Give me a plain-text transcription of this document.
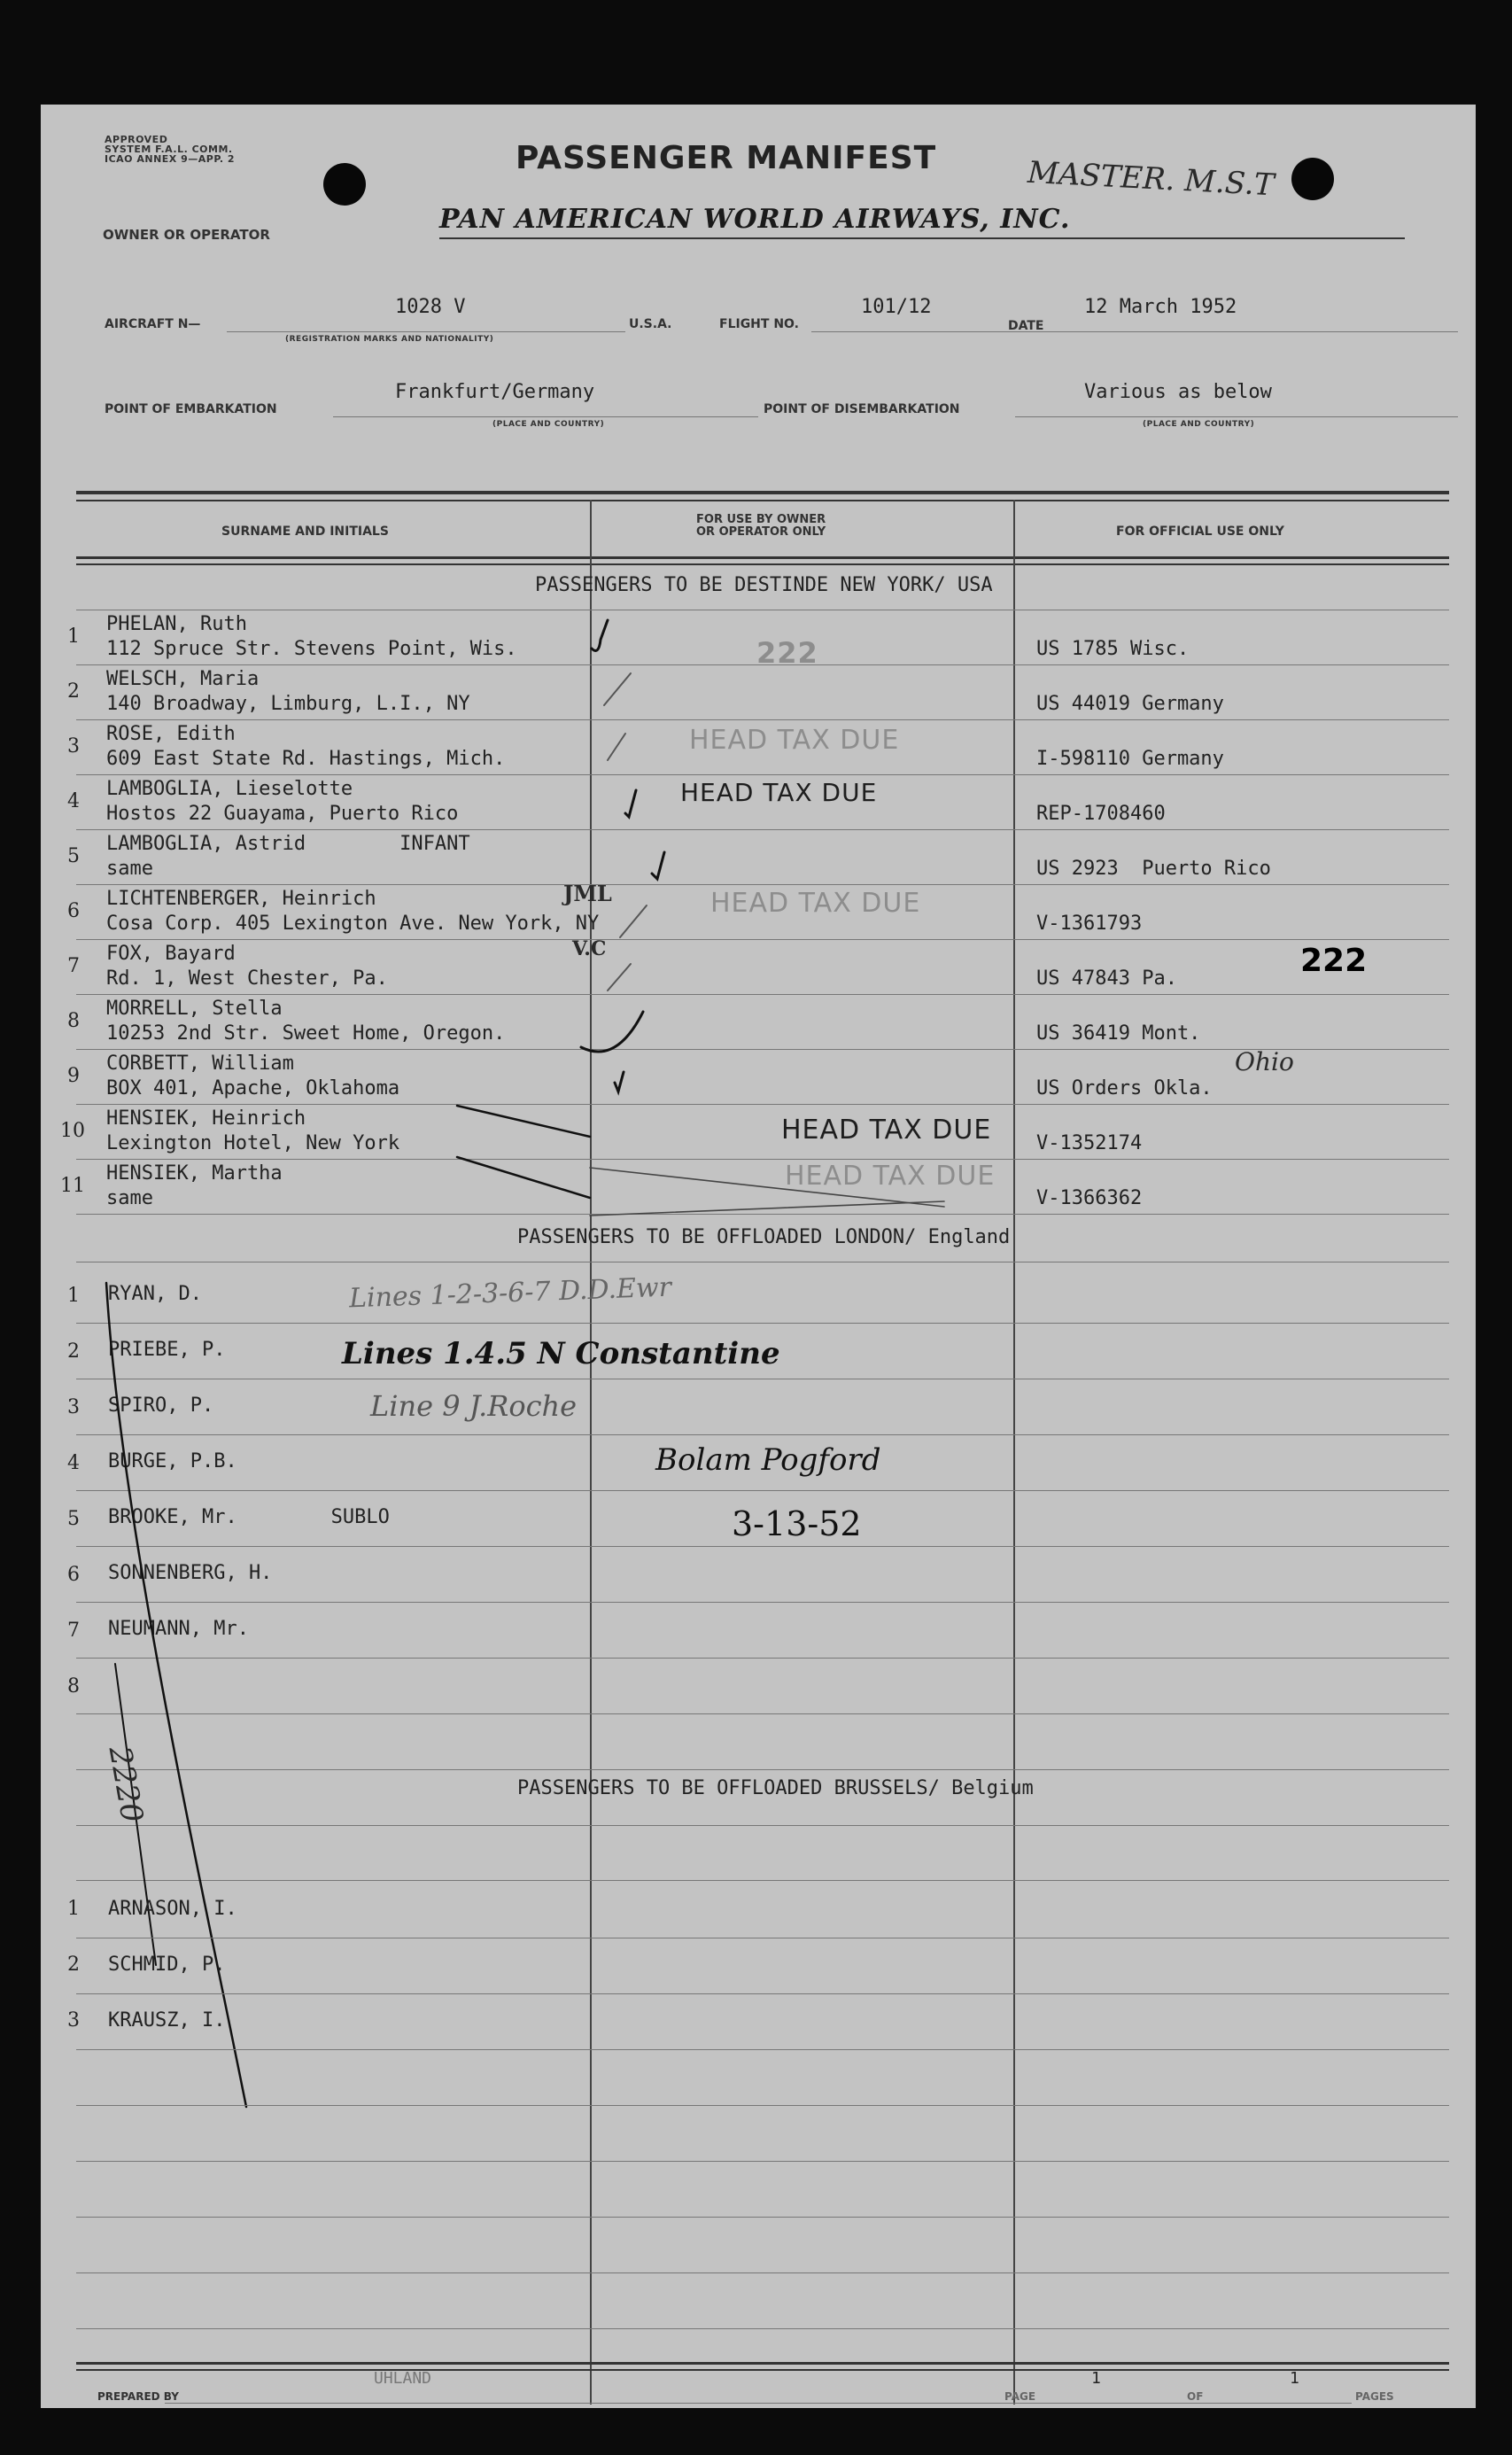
APPROVED
SYSTEM F.A.L. COMM.
ICAO ANNEX 9—APP. 2	PASSENGER MANIFEST	MASTER. M.S.T
OWNER OR OPERATOR	PAN AMERICAN WORLD AIRWAYS, INC.
AIRCRAFT N—
1028 V
(REGISTRATION MARKS AND NATIONALITY)
U.S.A.	FLIGHT NO.
101/12
DATE
12 March 1952
POINT OF EMBARKATION
Frankfurt/Germany
(PLACE AND COUNTRY)
POINT OF DISEMBARKATION
Various as below
(PLACE AND COUNTRY)
SURNAME AND INITIALS
FOR USE BY OWNER
OR OPERATOR ONLY	FOR OFFICIAL USE ONLY
PASSENGERS TO BE DESTINDE NEW YORK/ USA
1
PHELAN, Ruth
112 Spruce Str. Stevens Point, Wis.	US 1785 Wisc.
2
WELSCH, Maria
140 Broadway, Limburg, L.I., NY	US 44019 Germany
3
ROSE, Edith
609 East State Rd. Hastings, Mich.	I-598110 Germany
4
LAMBOGLIA, Lieselotte
Hostos 22 Guayama, Puerto Rico	REP-1708460
5
LAMBOGLIA, Astrid        INFANT
same	US 2923  Puerto Rico
6
LICHTENBERGER, Heinrich
Cosa Corp. 405 Lexington Ave. New York, NY	V-1361793
7
FOX, Bayard
Rd. 1, West Chester, Pa.	US 47843 Pa.
8
MORRELL, Stella
10253 2nd Str. Sweet Home, Oregon.	US 36419 Mont.
9
CORBETT, William
BOX 401, Apache, Oklahoma	US Orders Okla.
10
HENSIEK, Heinrich
Lexington Hotel, New York	V-1352174
11
HENSIEK, Martha
same	V-1366362
JML
V.C
222
HEAD TAX DUE
HEAD TAX DUE
HEAD TAX DUE
HEAD TAX DUE
HEAD TAX DUE
222
Ohio
PASSENGERS TO BE OFFLOADED LONDON/ England
1 RYAN, D.
2 PRIEBE, P.
3 SPIRO, P.
4 BURGE, P.B.
5 BROOKE, Mr.        SUBLO
6 SONNENBERG, H.
7 NEUMANN, Mr.
8
Lines 1-2-3-6-7 D.D.Ewr
Lines 1.4.5 N Constantine
Line 9 J.Roche
Bolam Pogford
3-13-52
2220	PASSENGERS TO BE OFFLOADED BRUSSELS/ Belgium
1 ARNASON, I.
2 SCHMID, P.
3 KRAUSZ, I.
PREPARED BY
UHLAND
PAGE
1
OF
1
PAGES
